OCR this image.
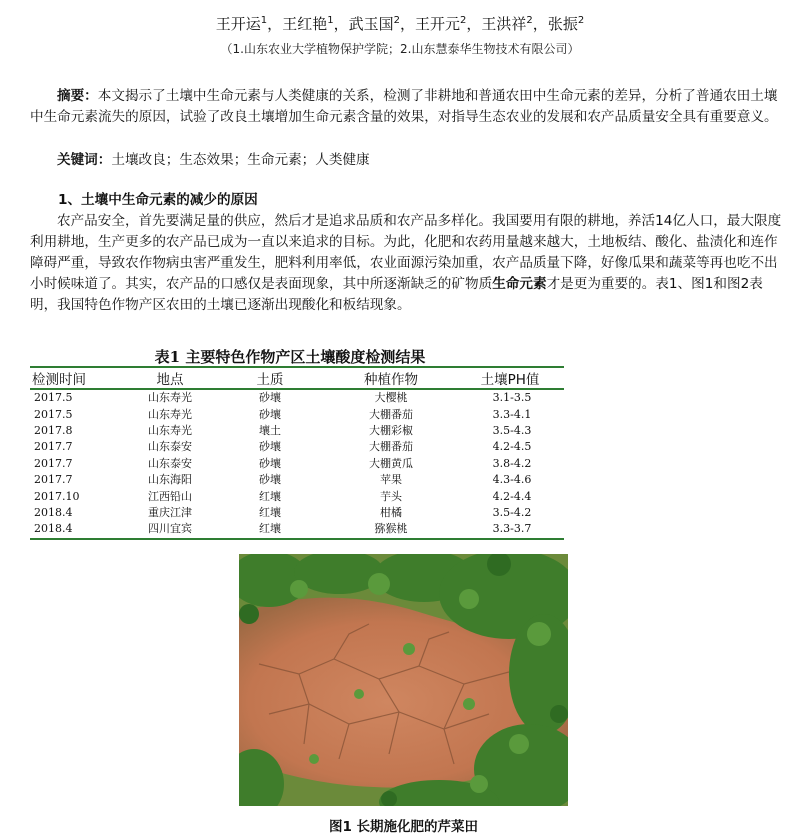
王开运$^1$，王红艳$^1$，武玉国$^2$，王开元$^2$，王洪祥$^2$，张振$^2$
（1.山东农业大学植物保护学院；2.山东慧泰华生物技术有限公司）

摘要：本文揭示了土壤中生命元素与人类健康的关系，检测了非耕地和普通农田中生命元素的差异，分析了普通农田土壤中生命元素流失的原因，试验了改良土壤增加生命元素含量的效果，对指导生态农业的发展和农产品质量安全具有重要意义。

关键词：土壤改良；生态效果；生命元素；人类健康

1、土壤中生命元素的减少的原因

农产品安全，首先要满足量的供应，然后才是追求品质和农产品多样化。我国要用有限的耕地，养活14亿人口，最大限度利用耕地，生产更多的农产品已成为一直以来追求的目标。为此，化肥和农药用量越来越大，土地板结、酸化、盐渍化和连作障碍严重，导致农作物病虫害严重发生，肥料利用率低，农业面源污染加重，农产品质量下降，好像瓜果和蔬菜等再也吃不出小时候味道了。其实，农产品的口感仅是表面现象，其中所逐渐缺乏的矿物质生命元素才是更为重要的。表1、图1和图2表明，我国特色作物产区农田的土壤已逐渐出现酸化和板结现象。

表1 主要特色作物产区土壤酸度检测结果
检测时间	地点	土质	种植作物	土壤PH值
2017.5	山东寿光	砂壤	大樱桃	3.1-3.5
2017.5	山东寿光	砂壤	大棚番茄	3.3-4.1
2017.8	山东寿光	壤土	大棚彩椒	3.5-4.3
2017.7	山东泰安	砂壤	大棚番茄	4.2-4.5
2017.7	山东泰安	砂壤	大棚黄瓜	3.8-4.2
2017.7	山东海阳	砂壤	苹果	4.3-4.6
2017.10	江西铅山	红壤	芋头	4.2-4.4
2018.4	重庆江津	红壤	柑橘	3.5-4.2
2018.4	四川宜宾	红壤	猕猴桃	3.3-3.7
图1 长期施化肥的芹菜田
